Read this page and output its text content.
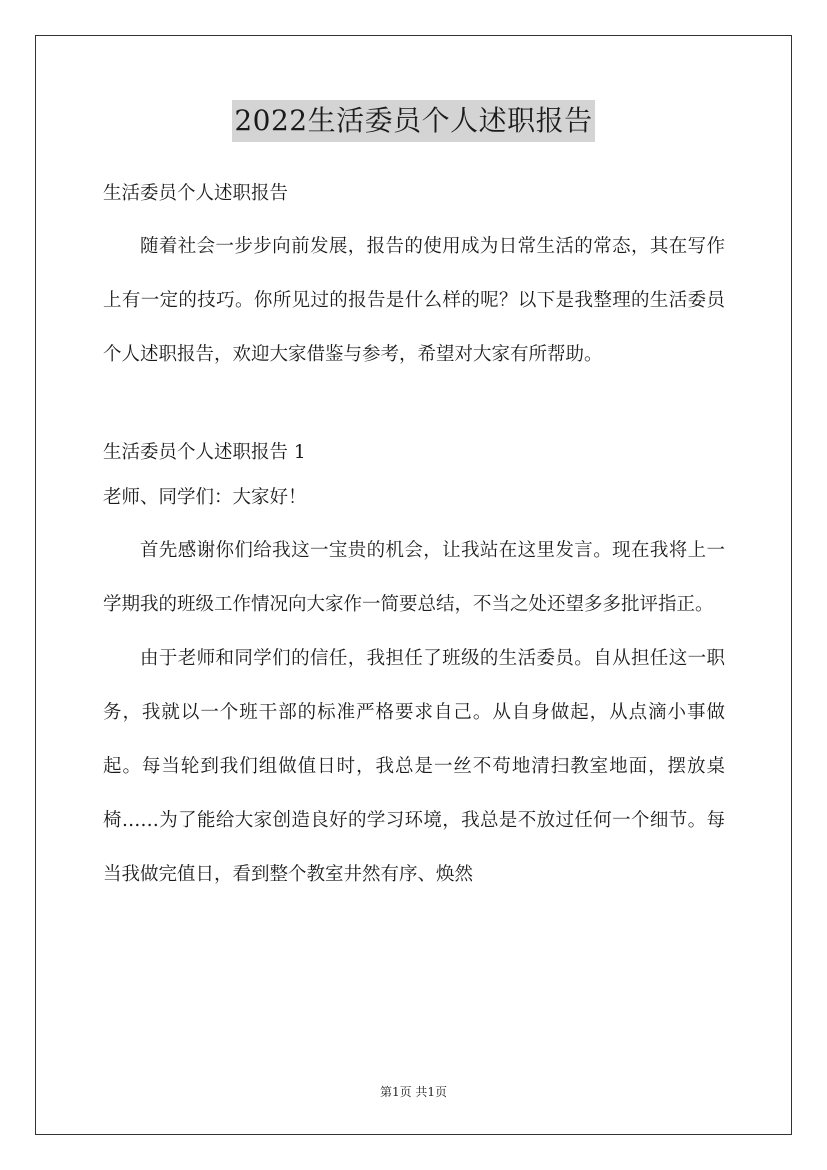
2022生活委员个人述职报告
生活委员个人述职报告

随着社会一步步向前发展，报告的使用成为日常生活的常态，其在写作上有一定的技巧。你所见过的报告是什么样的呢？以下是我整理的生活委员个人述职报告，欢迎大家借鉴与参考，希望对大家有所帮助。

生活委员个人述职报告 1
老师、同学们：大家好！

首先感谢你们给我这一宝贵的机会，让我站在这里发言。现在我将上一学期我的班级工作情况向大家作一简要总结，不当之处还望多多批评指正。

由于老师和同学们的信任，我担任了班级的生活委员。自从担任这一职务，我就以一个班干部的标准严格要求自己。从自身做起，从点滴小事做起。每当轮到我们组做值日时，我总是一丝不苟地清扫教室地面，摆放桌椅……为了能给大家创造良好的学习环境，我总是不放过任何一个细节。每当我做完值日，看到整个教室井然有序、焕然

第1页 共1页
